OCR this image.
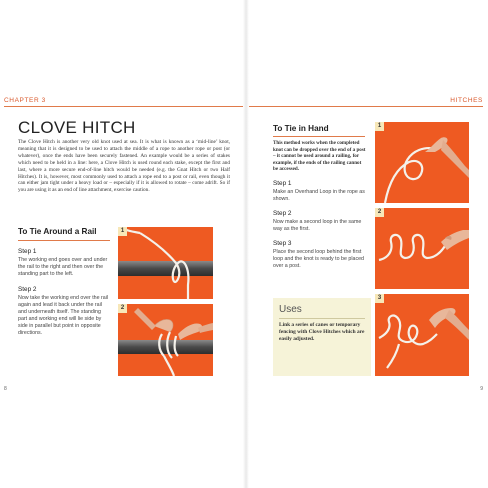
CHAPTER 3
CLOVE HITCH
The Clove Hitch is another very old knot used at sea. It is what is known as a ‘mid-line’ knot, meaning that it is designed to be used to attach the middle of a rope to another rope or post (or whatever), once the ends have been securely fastened. An example would be a series of stakes which need to be held in a line: here, a Clove Hitch is used round each stake, except the first and last, where a more secure end-of-line hitch would be needed (e.g. the Gnat Hitch or two Half Hitches). It is, however, most commonly used to attach a rope end to a post or rail, even though it can either jam tight under a heavy load or – especially if it is allowed to rotate – come adrift. So if you are using it as an end of line attachment, exercise caution.
To Tie Around a Rail
Step 1
The working end goes over and under the rail to the right and then over the standing part to the left.
Step 2
Now take the working end over the rail again and lead it back under the rail and underneath itself. The standing part and working end will lie side by side in parallel but point in opposite directions.
1
2
8
HITCHES
To Tie in Hand
This method works when the completed knot can be dropped over the end of a post – it cannot be used around a railing, for example, if the ends of the railing cannot be accessed.
Step 1
Make an Overhand Loop in the rope as shown.
Step 2
Now make a second loop in the same way as the first.
Step 3
Place the second loop behind the first loop and the knot is ready to be placed over a post.
Uses
Link a series of canes or temporary fencing with Clove Hitches which are easily adjusted.
1
2
3
9
